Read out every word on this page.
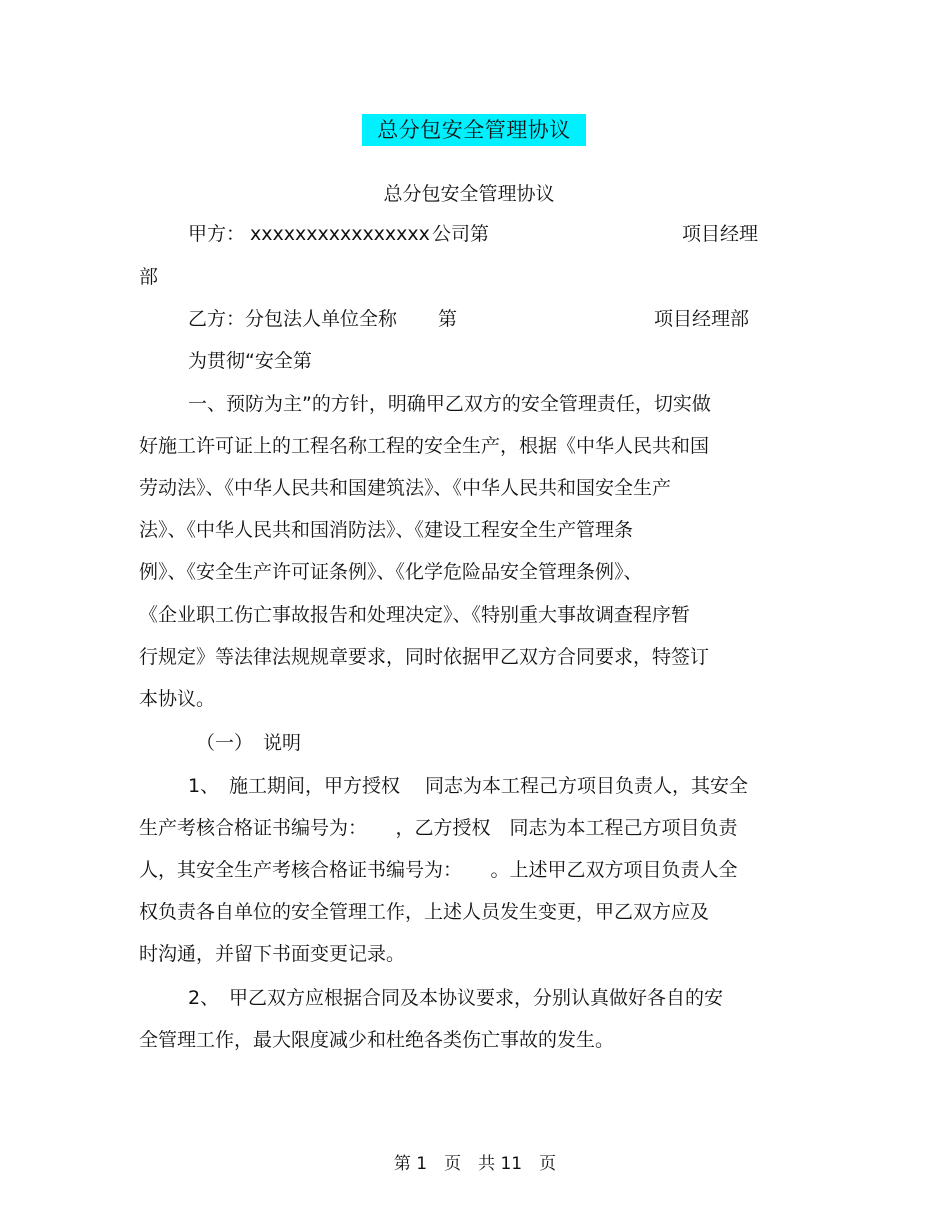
总分包安全管理协议
总分包安全管理协议
甲方： xxxxxxxxxxxxxxxx 公司第	项目经理
部
乙方：分包法人单位全称 第	项目经理部
为贯彻“安全第
一、预防为主”的方针，明确甲乙双方的安全管理责任，切实做
好施工许可证上的工程名称工程的安全生产，根据《中华人民共和国
劳动法》、《中华人民共和国建筑法》、《中华人民共和国安全生产
法》、《中华人民共和国消防法》、《建设工程安全生产管理条
例》、《安全生产许可证条例》、《化学危险品安全管理条例》、
《企业职工伤亡事故报告和处理决定》、《特别重大事故调查程序暂
行规定》等法律法规规章要求，同时依据甲乙双方合同要求，特签订
本协议。
（一） 说明
1、 施工期间，甲方授权　 同志为本工程己方项目负责人，其安全
生产考核合格证书编号为：　　，乙方授权　同志为本工程己方项目负责
人，其安全生产考核合格证书编号为：　　。上述甲乙双方项目负责人全
权负责各自单位的安全管理工作，上述人员发生变更，甲乙双方应及
时沟通，并留下书面变更记录。
2、 甲乙双方应根据合同及本协议要求，分别认真做好各自的安
全管理工作，最大限度减少和杜绝各类伤亡事故的发生。
第 1　页　共 11　页
